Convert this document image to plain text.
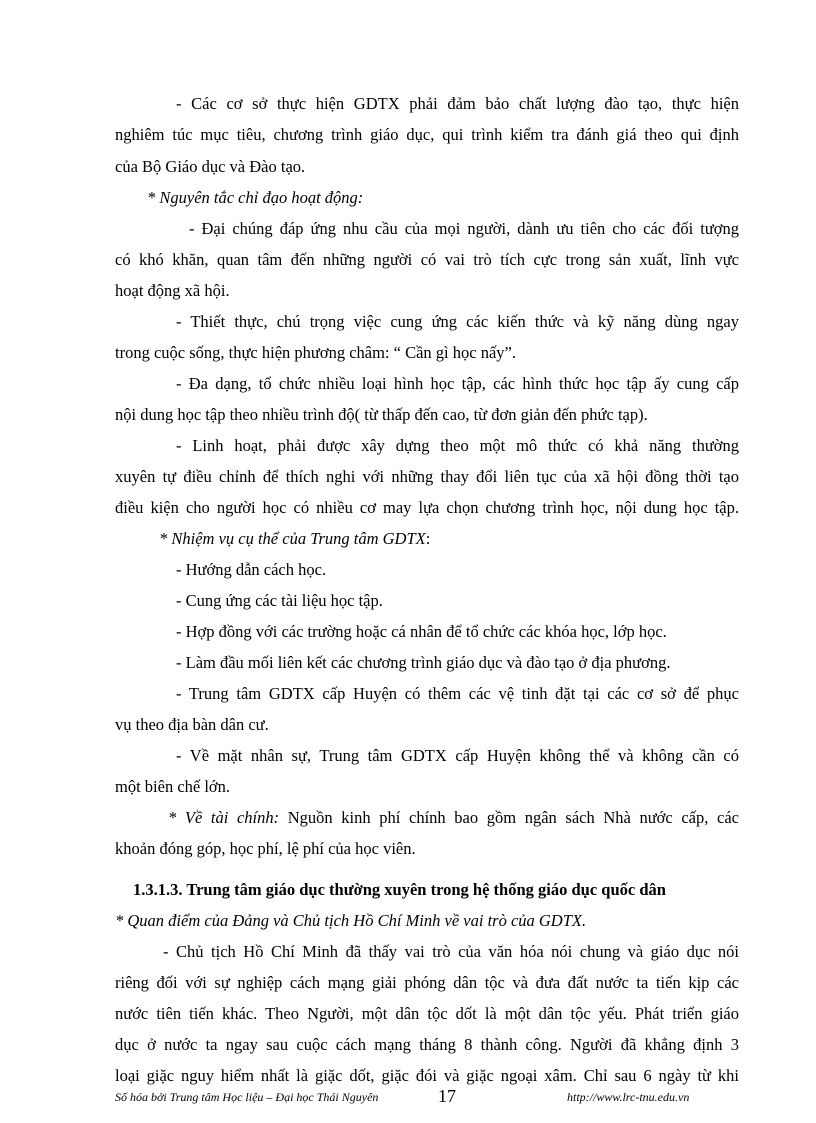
- Các cơ sở thực hiện GDTX phải đảm bảo chất lượng đào tạo, thực hiện
nghiêm túc mục tiêu, chương trình giáo dục, qui trình kiểm tra đánh giá theo qui định
của Bộ Giáo dục và Đào tạo.
* Nguyên tắc chỉ đạo hoạt động:
- Đại chúng đáp ứng nhu cầu của mọi người, dành ưu tiên cho các đối tượng
có khó khăn, quan tâm đến những người có vai trò tích cực trong sản xuất, lĩnh vực
hoạt động xã hội.
- Thiết thực, chú trọng việc cung ứng các kiến thức và kỹ năng dùng ngay
trong cuộc sống, thực hiện phương châm: “ Cần gì học nấy”.
- Đa dạng, tổ chức nhiều loại hình học tập, các hình thức học tập ấy cung cấp
nội dung học tập theo nhiều trình độ( từ thấp đến cao, từ đơn giản đến phức tạp).
- Linh hoạt, phải được xây dựng theo một mô thức có khả năng thường
xuyên tự điều chỉnh để thích nghi với những thay đổi liên tục của xã hội đồng thời tạo
điều kiện cho người học có nhiều cơ may lựa chọn chương trình học, nội dung học tập.
* Nhiệm vụ cụ thể của Trung tâm GDTX:
- Hướng dẫn cách học.
- Cung ứng các tài liệu học tập.
- Hợp đồng với các trường hoặc cá nhân để tổ chức các khóa học, lớp học.
- Làm đầu mối liên kết các chương trình giáo dục và đào tạo ở địa phương.
- Trung tâm GDTX cấp Huyện có thêm các vệ tinh đặt tại các cơ sở để phục
vụ theo địa bàn dân cư.
- Về mặt nhân sự, Trung tâm GDTX cấp Huyện không thể và không cần có
một biên chế lớn.
* Về tài chính: Nguồn kinh phí chính bao gồm ngân sách Nhà nước cấp, các
khoản đóng góp, học phí, lệ phí của học viên.
1.3.1.3. Trung tâm giáo dục thường xuyên trong hệ thống giáo dục quốc dân
* Quan điểm của Đảng và Chủ tịch Hồ Chí Minh về vai trò của GDTX.
- Chủ tịch Hồ Chí Minh đã thấy vai trò của văn hóa nói chung và giáo dục nói
riêng đối với sự nghiệp cách mạng giải phóng dân tộc và đưa đất nước ta tiến kịp các
nước tiên tiến khác. Theo Người, một dân tộc dốt là một dân tộc yếu. Phát triển giáo
dục ở nước ta ngay sau cuộc cách mạng tháng 8 thành công. Người đã khẳng định 3
loại giặc nguy hiểm nhất là giặc dốt, giặc đói và giặc ngoại xâm. Chỉ sau 6 ngày từ khi
Số hóa bởi Trung tâm Học liệu – Đại học Thái Nguyên	17	http://www.lrc-tnu.edu.vn
